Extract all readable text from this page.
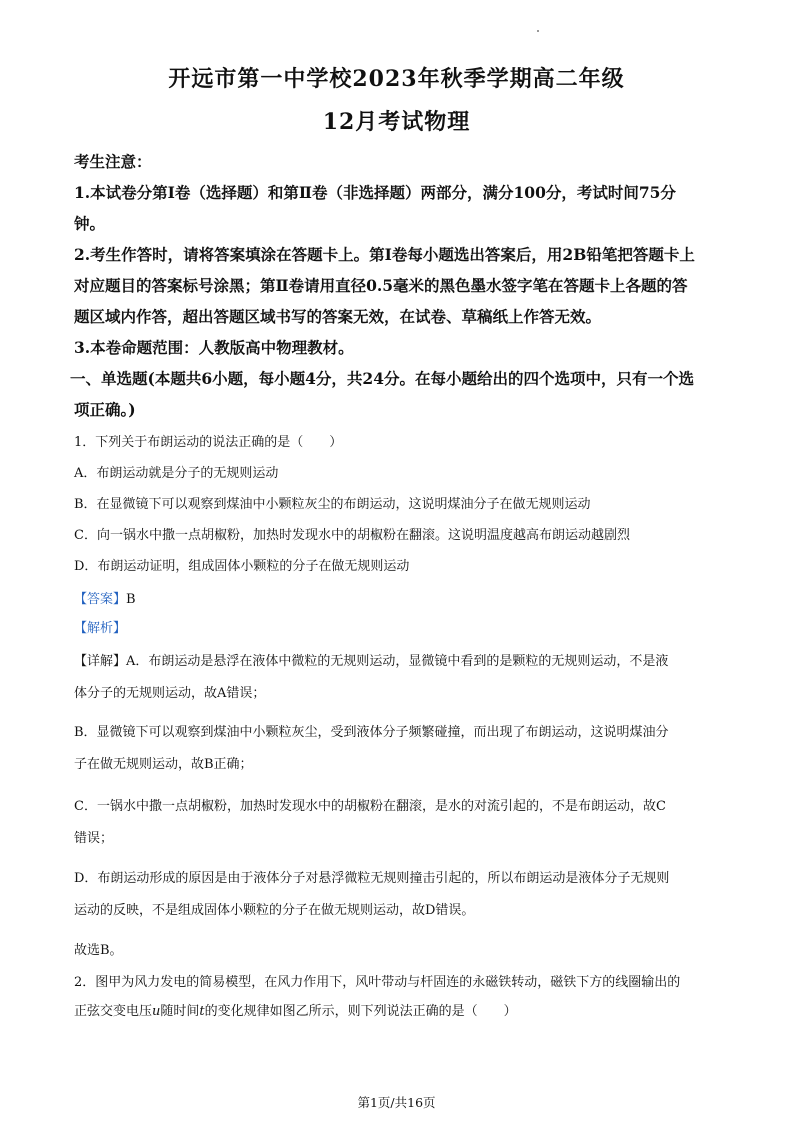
开远市第一中学校2023年秋季学期高二年级
12月考试物理
考生注意：
1.本试卷分第Ⅰ卷（选择题）和第Ⅱ卷（非选择题）两部分，满分100分，考试时间75分
钟。
2.考生作答时，请将答案填涂在答题卡上。第Ⅰ卷每小题选出答案后，用2B铅笔把答题卡上
对应题目的答案标号涂黑；第Ⅱ卷请用直径0.5毫米的黑色墨水签字笔在答题卡上各题的答
题区域内作答，超出答题区域书写的答案无效，在试卷、草稿纸上作答无效。
3.本卷命题范围：人教版高中物理教材。
一、单选题(本题共6小题，每小题4分，共24分。在每小题给出的四个选项中，只有一个选
项正确。)
1．下列关于布朗运动的说法正确的是（　　）
A．布朗运动就是分子的无规则运动
B．在显微镜下可以观察到煤油中小颗粒灰尘的布朗运动，这说明煤油分子在做无规则运动
C．向一锅水中撒一点胡椒粉，加热时发现水中的胡椒粉在翻滚。这说明温度越高布朗运动越剧烈
D．布朗运动证明，组成固体小颗粒的分子在做无规则运动
【答案】B
【解析】
【详解】A．布朗运动是悬浮在液体中微粒的无规则运动，显微镜中看到的是颗粒的无规则运动，不是液
体分子的无规则运动，故A错误；
B．显微镜下可以观察到煤油中小颗粒灰尘，受到液体分子频繁碰撞，而出现了布朗运动，这说明煤油分
子在做无规则运动，故B正确；
C．一锅水中撒一点胡椒粉，加热时发现水中的胡椒粉在翻滚，是水的对流引起的，不是布朗运动，故C
错误；
D．布朗运动形成的原因是由于液体分子对悬浮微粒无规则撞击引起的，所以布朗运动是液体分子无规则
运动的反映，不是组成固体小颗粒的分子在做无规则运动，故D错误。
故选B。
2．图甲为风力发电的简易模型，在风力作用下，风叶带动与杆固连的永磁铁转动，磁铁下方的线圈输出的
正弦交变电压u随时间t的变化规律如图乙所示，则下列说法正确的是（　　）
第1页/共16页
